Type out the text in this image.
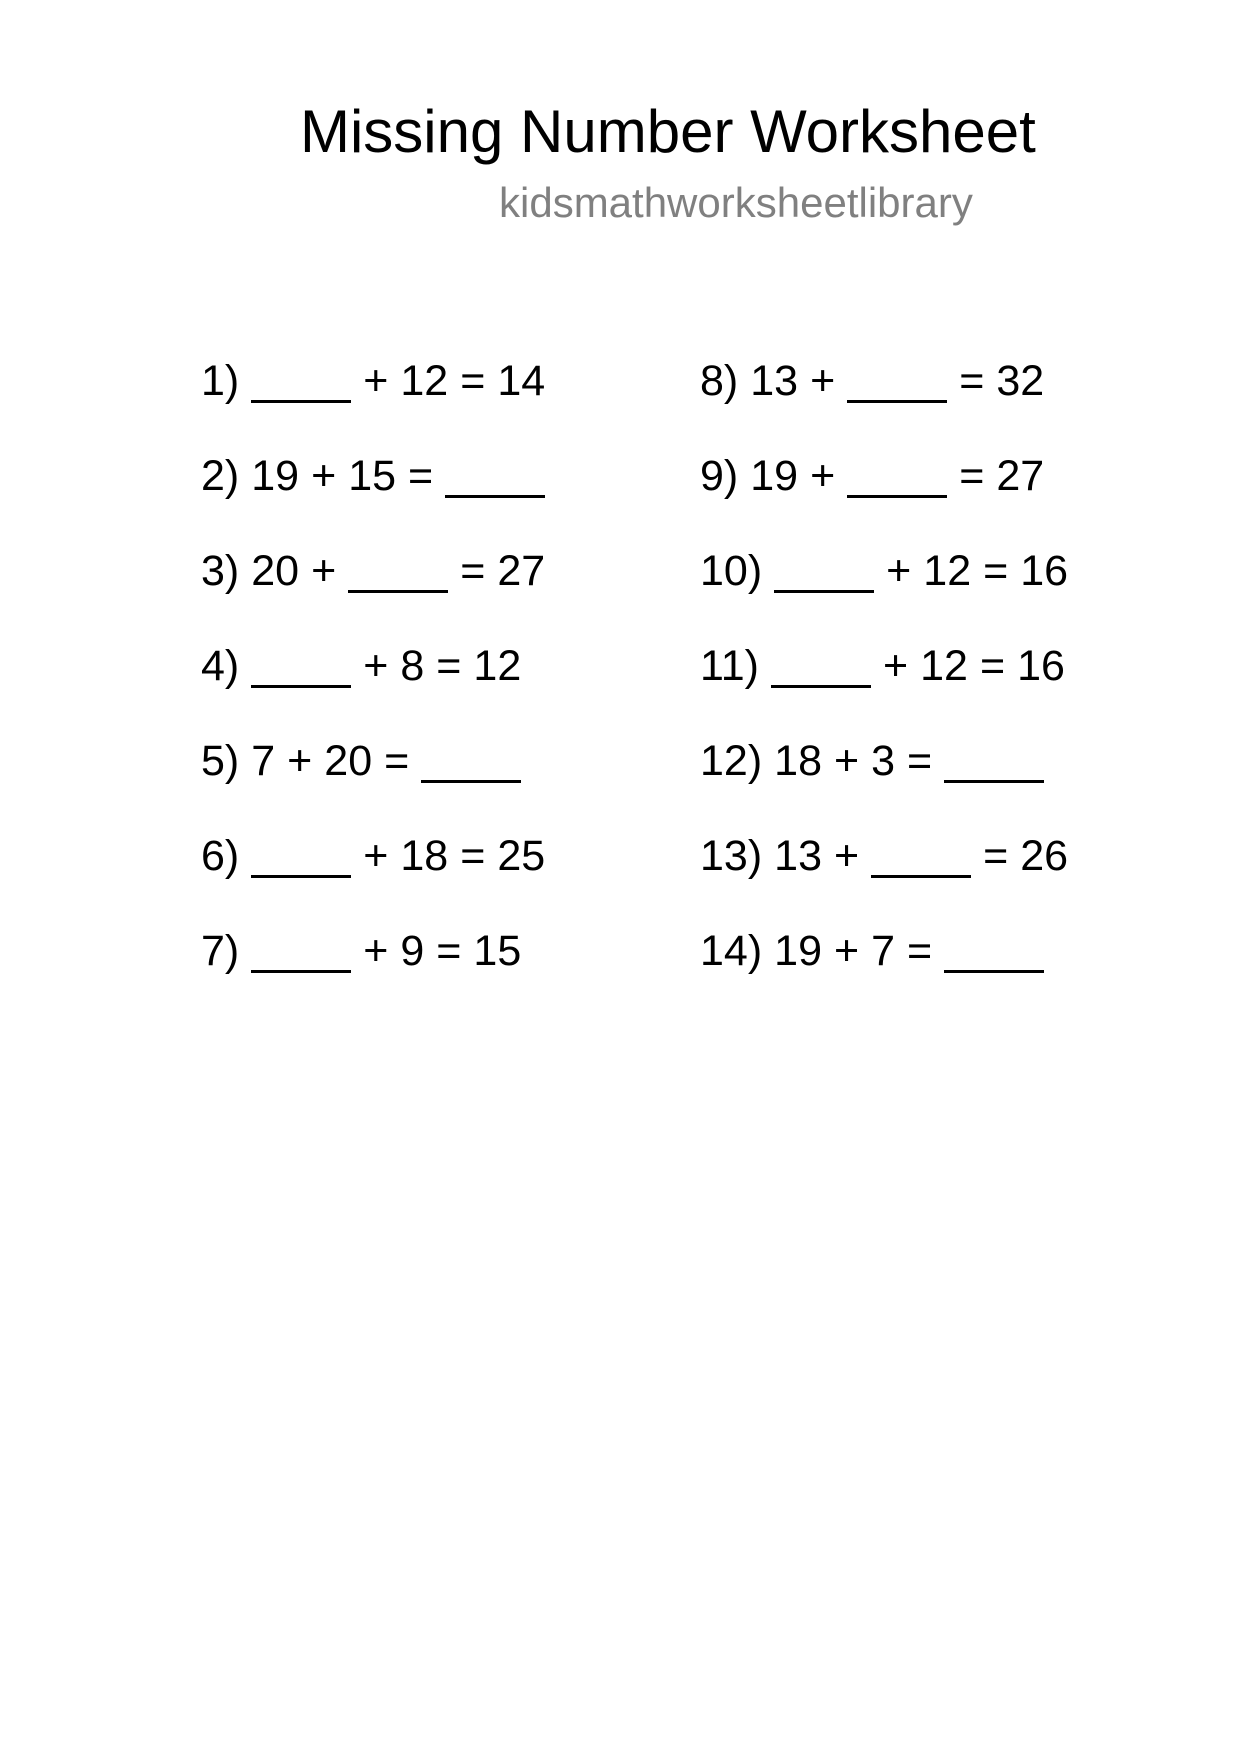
Missing Number Worksheet
kidsmathworksheetlibrary
1)	+ 12 = 14
2) 19 + 15 =
3) 20 +	= 27
4)	+ 8 = 12
5) 7 + 20 =
6)	+ 18 = 25
7)	+ 9 = 15
8) 13 +	= 32
9) 19 +	= 27
10)	+ 12 = 16
11)	+ 12 = 16
12) 18 + 3 =
13) 13 +	= 26
14) 19 + 7 =
